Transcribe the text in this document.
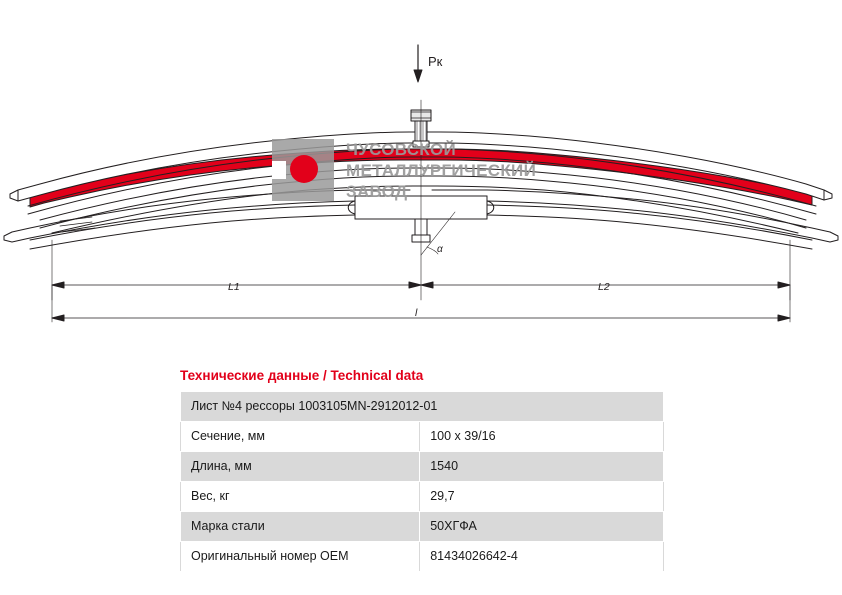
Pк
α
L1	L2
l
ЧУСОВСКОЙ
МЕТАЛЛУРГИЧЕСКИЙ
ЗАВОД
Технические данные / Technical data
Лист №4 рессоры 1003105MN-2912012-01	
Сечение, мм	100 х 39/16
Длина, мм	1540
Вес, кг	29,7
Марка стали	50ХГФА
Оригинальный номер OEM	81434026642-4
